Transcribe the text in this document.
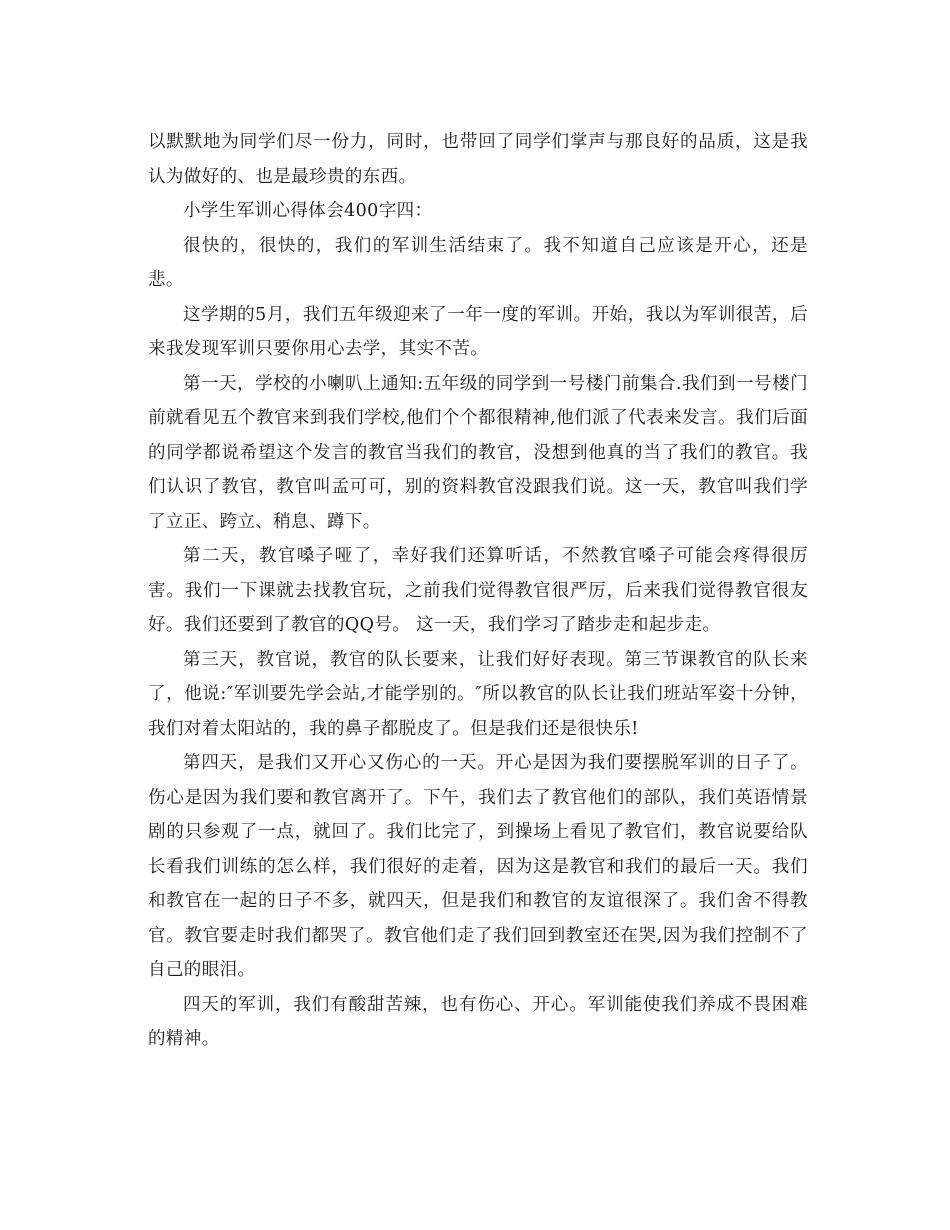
以默默地为同学们尽一份力，同时，也带回了同学们掌声与那良好的品质，这是我认为做好的、也是最珍贵的东西。

小学生军训心得体会400字四：

很快的，很快的，我们的军训生活结束了。我不知道自己应该是开心，还是悲。

这学期的5月，我们五年级迎来了一年一度的军训。开始，我以为军训很苦，后来我发现军训只要你用心去学，其实不苦。

第一天，学校的小喇叭上通知:五年级的同学到一号楼门前集合.我们到一号楼门前就看见五个教官来到我们学校,他们个个都很精神,他们派了代表来发言。我们后面的同学都说希望这个发言的教官当我们的教官，没想到他真的当了我们的教官。我们认识了教官，教官叫孟可可，别的资料教官没跟我们说。这一天，教官叫我们学了立正、跨立、稍息、蹲下。

第二天，教官嗓子哑了，幸好我们还算听话，不然教官嗓子可能会疼得很厉害。我们一下课就去找教官玩，之前我们觉得教官很严厉，后来我们觉得教官很友好。我们还要到了教官的QQ号。 这一天，我们学习了踏步走和起步走。

第三天，教官说，教官的队长要来，让我们好好表现。第三节课教官的队长来了，他说:″军训要先学会站,才能学别的。″所以教官的队长让我们班站军姿十分钟，我们对着太阳站的，我的鼻子都脱皮了。但是我们还是很快乐!

第四天，是我们又开心又伤心的一天。开心是因为我们要摆脱军训的日子了。伤心是因为我们要和教官离开了。下午，我们去了教官他们的部队，我们英语情景剧的只参观了一点，就回了。我们比完了，到操场上看见了教官们，教官说要给队长看我们训练的怎么样，我们很好的走着，因为这是教官和我们的最后一天。我们和教官在一起的日子不多，就四天，但是我们和教官的友谊很深了。我们舍不得教官。教官要走时我们都哭了。教官他们走了我们回到教室还在哭,因为我们控制不了自己的眼泪。

四天的军训，我们有酸甜苦辣，也有伤心、开心。军训能使我们养成不畏困难的精神。
